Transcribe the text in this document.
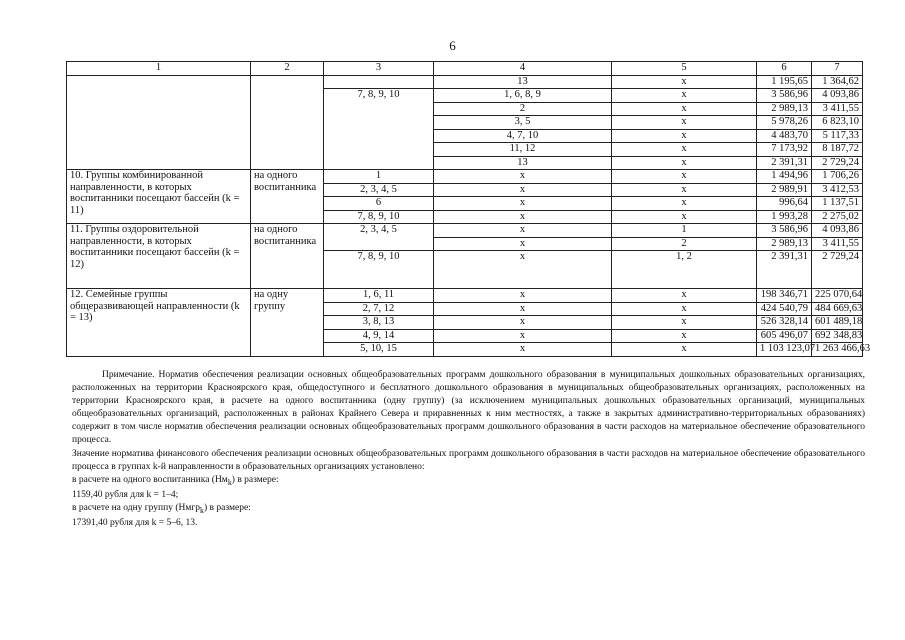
6
1	2	3	4	5	6	7
			13	x	1 195,65	1 364,62
		7, 8, 9, 10	1, 6, 8, 9	x	3 586,96	4 093,86
			2	x	2 989,13	3 411,55
			3, 5	x	5 978,26	6 823,10
			4, 7, 10	x	4 483,70	5 117,33
			11, 12	x	7 173,92	8 187,72
			13	x	2 391,31	2 729,24
10. Группы комбинированной направленности, в которых воспитанники посещают бассейн (k = 11)	на одного воспитанника	1	x	x	1 494,96	1 706,26
		2, 3, 4, 5	x	x	2 989,91	3 412,53
		6	x	x	996,64	1 137,51
		7, 8, 9, 10	x	x	1 993,28	2 275,02
11. Группы оздоровительной направленности, в которых воспитанники посещают бассейн (k = 12)	на одного воспитанника	2, 3, 4, 5	x	1	3 586,96	4 093,86
			x	2	2 989,13	3 411,55
		7, 8, 9, 10	x	1, 2	2 391,31	2 729,24
12. Семейные группы общеразвивающей направленности (k = 13)	на одну группу	1, 6, 11	x	x	198 346,71	225 070,64
		2, 7, 12	x	x	424 540,79	484 669,63
		3, 8, 13	x	x	526 328,14	601 489,18
		4, 9, 14	x	x	605 496,07	692 348,83
		5, 10, 15	x	x	1 103 123,07	1 263 466,63

Примечание. Норматив обеспечения реализации основных общеобразовательных программ дошкольного образования в муниципальных дошкольных образовательных организациях, расположенных на территории Красноярского края, общедоступного и бесплатного дошкольного образования в муниципальных общеобразовательных организациях, расположенных на территории Красноярского края, в расчете на одного воспитанника (одну группу) (за исключением муниципальных дошкольных образовательных организаций, муниципальных общеобразовательных организаций, расположенных в районах Крайнего Севера и приравненных к ним местностях, а также в закрытых административно-территориальных образованиях) содержит в том числе норматив обеспечения реализации основных общеобразовательных программ дошкольного образования в части расходов на материальное обеспечение образовательного процесса.

Значение норматива финансового обеспечения реализации основных общеобразовательных программ дошкольного образования в части расходов на материальное обеспечение образовательного процесса в группах k-й направленности в образовательных организациях установлено:

в расчете на одного воспитанника $(Нм_k)$ в размере:

1159,40 рубля для k = 1–4;

в расчете на одну группу (Нмгр$_k$) в размере:

17391,40 рубля для k = 5–6, 13.
